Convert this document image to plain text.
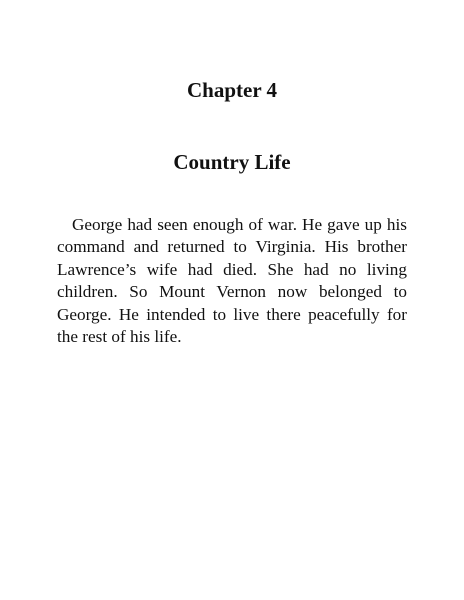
Chapter 4
Country Life

George had seen enough of war. He gave up his command and returned to Virginia. His brother Lawrence’s wife had died. She had no living children. So Mount Vernon now belonged to George. He intended to live there peacefully for the rest of his life.
